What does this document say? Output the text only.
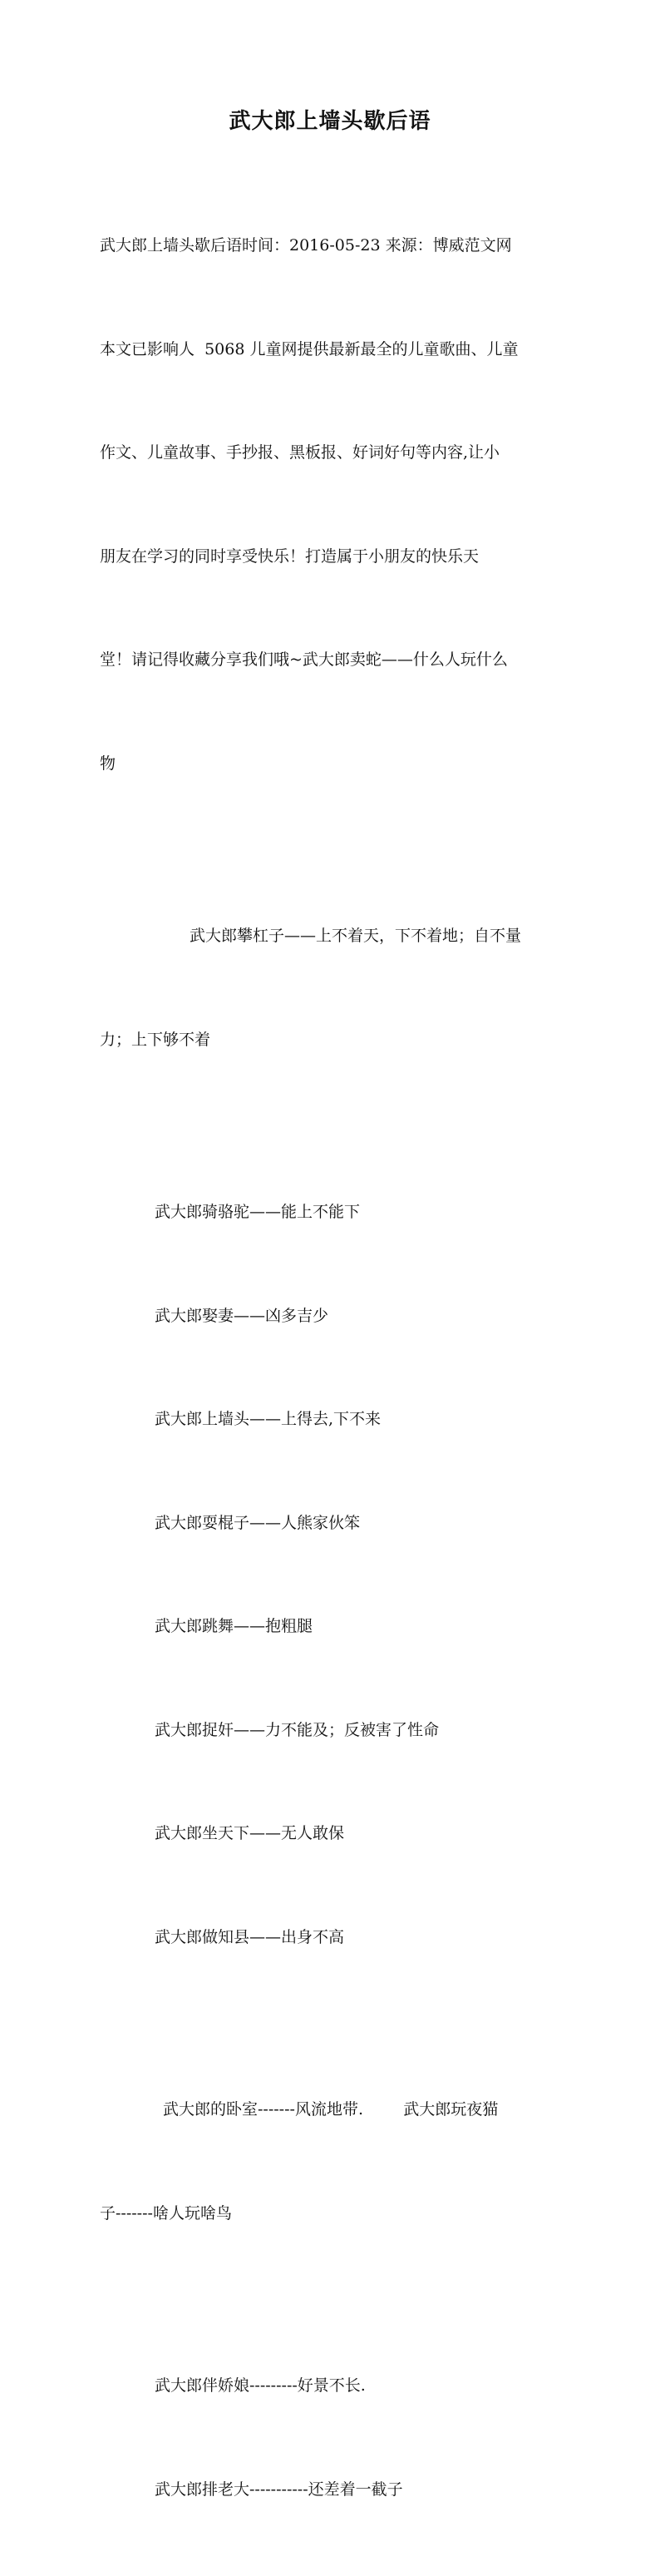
武大郎上墙头歇后语

武大郎上墙头歇后语时间：2016-05-23 来源：博威范文网

本文已影响人  5068 儿童网提供最新最全的儿童歌曲、儿童

作文、儿童故事、手抄报、黑板报、好词好句等内容,让小

朋友在学习的同时享受快乐！打造属于小朋友的快乐天

堂！请记得收藏分享我们哦~武大郎卖蛇——什么人玩什么

物

武大郎攀杠子——上不着天，下不着地；自不量

力；上下够不着

武大郎骑骆驼——能上不能下

武大郎娶妻——凶多吉少

武大郎上墙头——上得去,下不来

武大郎耍棍子——人熊家伙笨

武大郎跳舞——抱粗腿

武大郎捉奸——力不能及；反被害了性命

武大郎坐天下——无人敢保

武大郎做知县——出身不高

武大郎的卧室-------风流地带.        武大郎玩夜猫

子-------啥人玩啥鸟

武大郎伴娇娘---------好景不长.

武大郎排老大-----------还差着一截子
